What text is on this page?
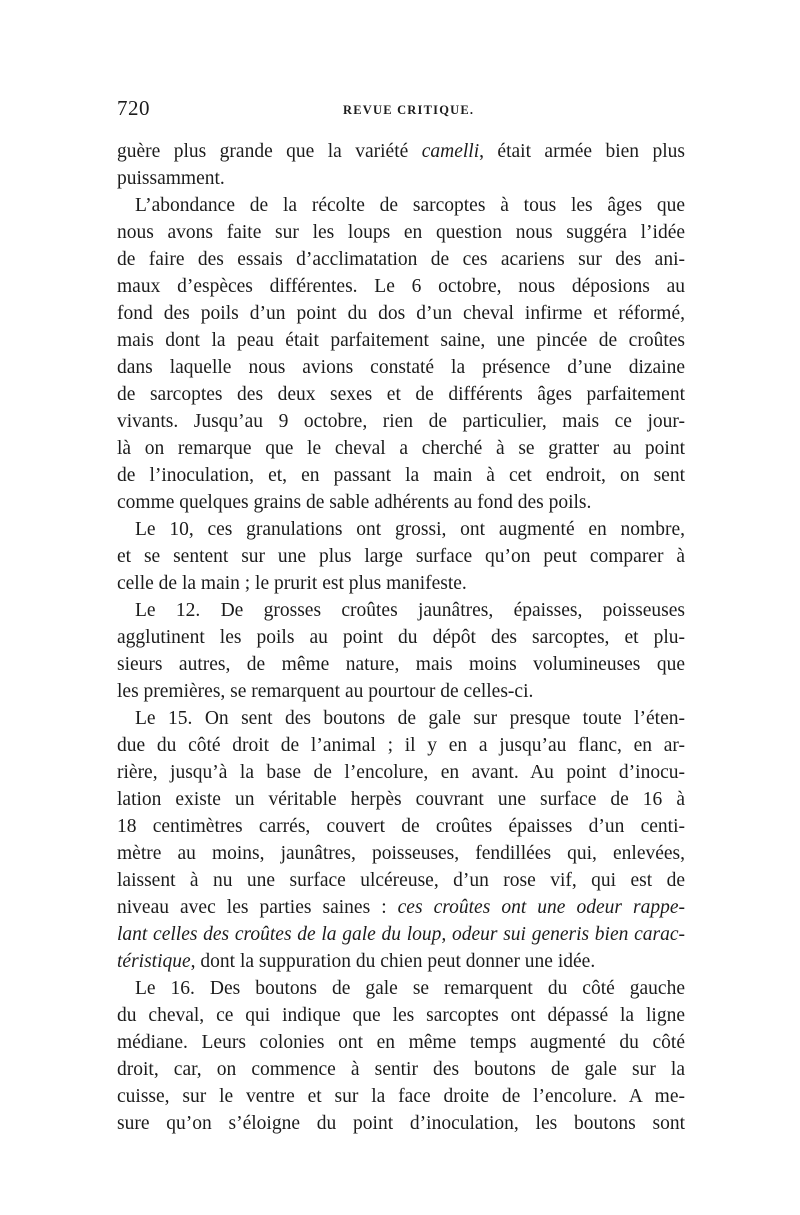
720	REVUE CRITIQUE.
guère plus grande que la variété camelli, était armée bien plus
puissamment.
L’abondance de la récolte de sarcoptes à tous les âges que
nous avons faite sur les loups en question nous suggéra l’idée
de faire des essais d’acclimatation de ces acariens sur des ani-
maux d’espèces différentes. Le 6 octobre, nous déposions au
fond des poils d’un point du dos d’un cheval infirme et réformé,
mais dont la peau était parfaitement saine, une pincée de croûtes
dans laquelle nous avions constaté la présence d’une dizaine
de sarcoptes des deux sexes et de différents âges parfaitement
vivants. Jusqu’au 9 octobre, rien de particulier, mais ce jour-
là on remarque que le cheval a cherché à se gratter au point
de l’inoculation, et, en passant la main à cet endroit, on sent
comme quelques grains de sable adhérents au fond des poils.
Le 10, ces granulations ont grossi, ont augmenté en nombre,
et se sentent sur une plus large surface qu’on peut comparer à
celle de la main ; le prurit est plus manifeste.
Le 12. De grosses croûtes jaunâtres, épaisses, poisseuses
agglutinent les poils au point du dépôt des sarcoptes, et plu-
sieurs autres, de même nature, mais moins volumineuses que
les premières, se remarquent au pourtour de celles-ci.
Le 15. On sent des boutons de gale sur presque toute l’éten-
due du côté droit de l’animal ; il y en a jusqu’au flanc, en ar-
rière, jusqu’à la base de l’encolure, en avant. Au point d’inocu-
lation existe un véritable herpès couvrant une surface de 16 à
18 centimètres carrés, couvert de croûtes épaisses d’un centi-
mètre au moins, jaunâtres, poisseuses, fendillées qui, enlevées,
laissent à nu une surface ulcéreuse, d’un rose vif, qui est de
niveau avec les parties saines : ces croûtes ont une odeur rappe-
lant celles des croûtes de la gale du loup, odeur sui generis bien carac-
téristique, dont la suppuration du chien peut donner une idée.
Le 16. Des boutons de gale se remarquent du côté gauche
du cheval, ce qui indique que les sarcoptes ont dépassé la ligne
médiane. Leurs colonies ont en même temps augmenté du côté
droit, car, on commence à sentir des boutons de gale sur la
cuisse, sur le ventre et sur la face droite de l’encolure. A me-
sure qu’on s’éloigne du point d’inoculation, les boutons sont
